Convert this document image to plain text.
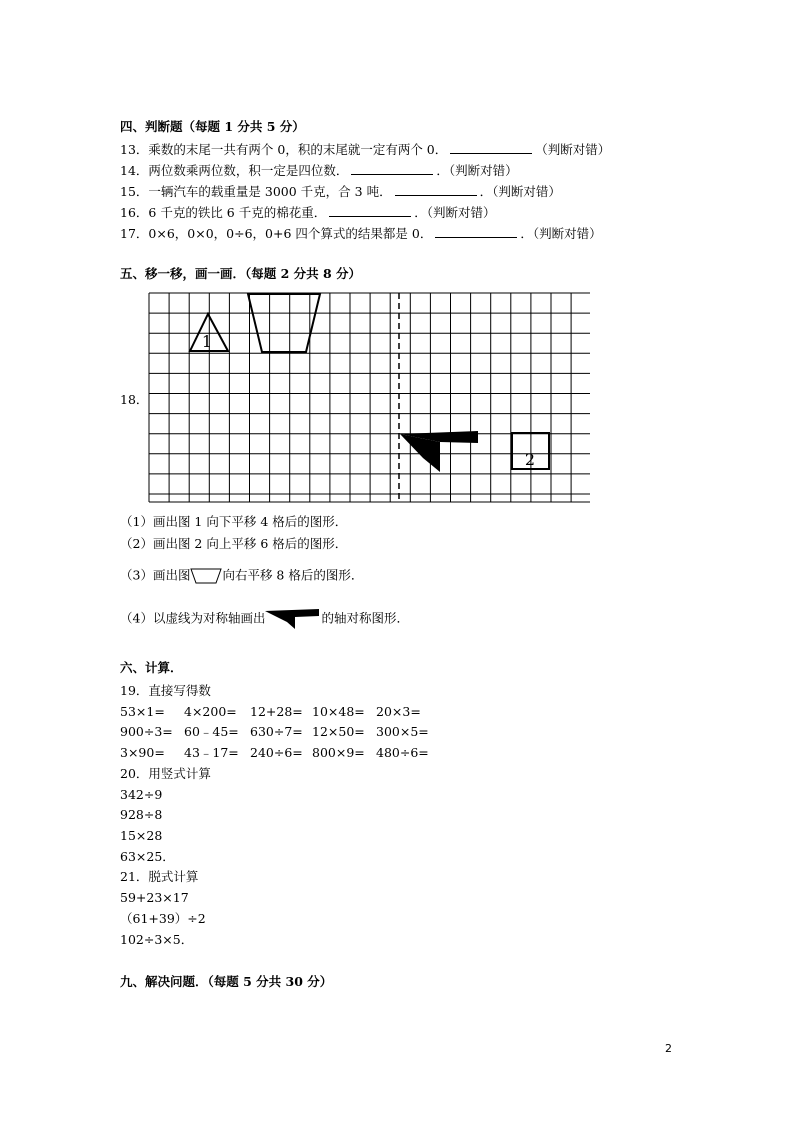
四、判断题（每题 1 分共 5 分）
13．乘数的末尾一共有两个 0，积的末尾就一定有两个 0．	（判断对错）
14．两位数乘两位数，积一定是四位数．	．（判断对错）
15．一辆汽车的载重量是 3000 千克，合 3 吨．	．（判断对错）
16．6 千克的铁比 6 千克的棉花重．	．（判断对错）
17．0×6，0×0，0÷6，0+6 四个算式的结果都是 0．	．（判断对错）
五、移一移，画一画．（每题 2 分共 8 分）
18．
1
2
（1）画出图 1 向下平移 4 格后的图形．
（2）画出图 2 向上平移 6 格后的图形．
（3）画出图	向右平移 8 格后的图形．
（4）以虚线为对称轴画出	的轴对称图形．
六、计算．
19．直接写得数
53×1= 4×200= 12+28= 10×48= 20×3=
900÷3= 60﹣45= 630÷7= 12×50= 300×5=
3×90= 43﹣17= 240÷6= 800×9= 480÷6=
20．用竖式计算
342÷9
928÷8
15×28
63×25．
21．脱式计算
59+23×17
（61+39）÷2
102÷3×5．
九、解决问题．（每题 5 分共 30 分）
2
